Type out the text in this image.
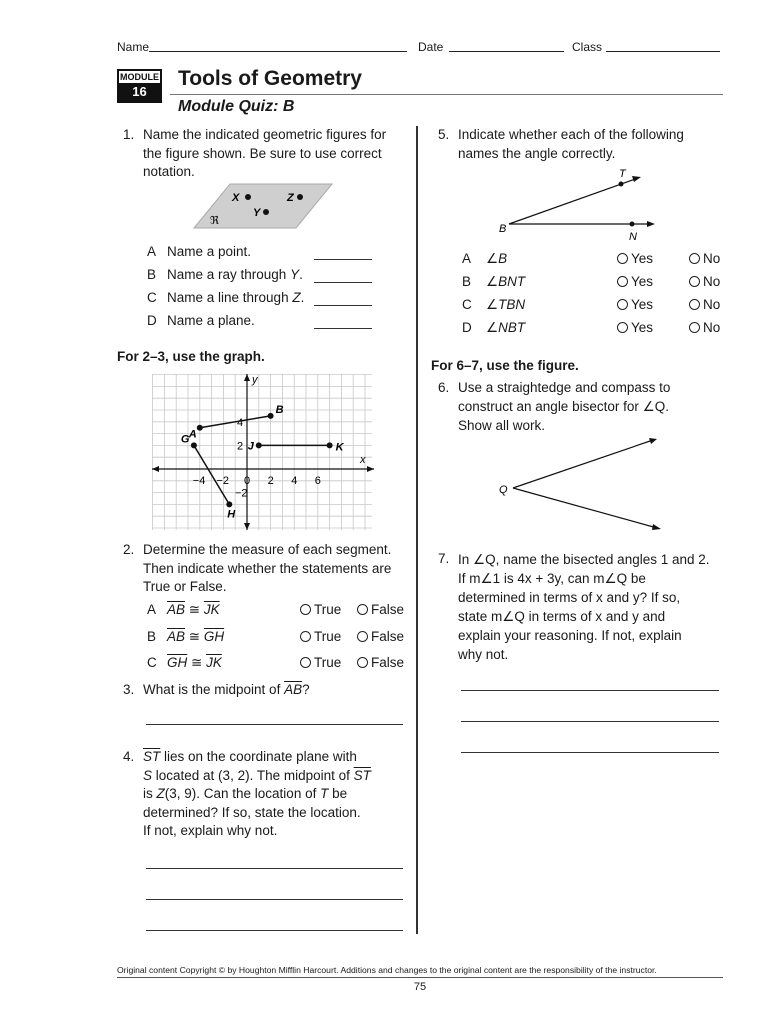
Name	Date	Class
MODULE
16
Tools of Geometry
Module Quiz: B
1. Name the indicated geometric figures for the figure shown. Be sure to use correct notation.
X
Y
Z
ℜ
A Name a point.
B Name a ray through Y.
C Name a line through Z.
D Name a plane.
For 2–3, use the graph.
−4 −2 0 2 4 6
4
2
−2
A
B
G
H
J	K
y
x
2. Determine the measure of each segment. Then indicate whether the statements are True or False.
A $\overline{AB}$ ≅ $\overline{JK}$	True	False
B $\overline{AB}$ ≅ $\overline{GH}$	True	False
C $\overline{GH}$ ≅ $\overline{JK}$	True	False
3. What is the midpoint of $\overline{AB}$?
4. $\overline{ST}$ lies on the coordinate plane with
S located at (3, 2). The midpoint of $\overline{ST}$
is Z(3, 9). Can the location of T be
determined? If so, state the location.
If not, explain why not.
5. Indicate whether each of the following names the angle correctly.
T
B
N
A ∠B	Yes	No
B ∠BNT	Yes	No
C ∠TBN	Yes	No
D ∠NBT	Yes	No
For 6–7, use the figure.
6. Use a straightedge and compass to
construct an angle bisector for ∠Q.
Show all work.
Q
7. In ∠Q, name the bisected angles 1 and 2.
If m∠1 is 4x + 3y, can m∠Q be
determined in terms of x and y? If so,
state m∠Q in terms of x and y and
explain your reasoning. If not, explain
why not.
Original content Copyright © by Houghton Mifflin Harcourt. Additions and changes to the original content are the responsibility of the instructor.
75
